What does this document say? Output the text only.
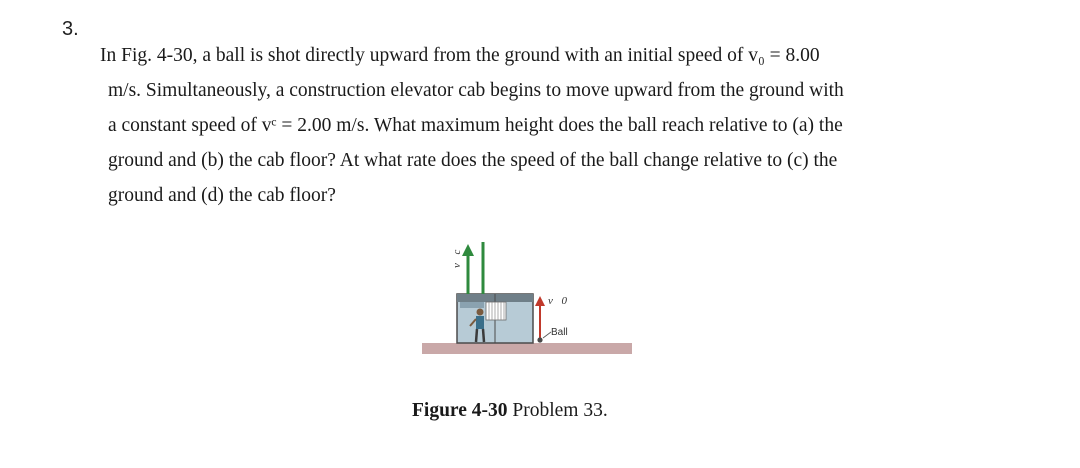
3.
In Fig. 4-30, a ball is shot directly upward from the ground with an initial speed of v₀ = 8.00
m/s. Simultaneously, a construction elevator cab begins to move upward from the ground with
a constant speed of vᶜ = 2.00 m/s. What maximum height does the ball reach relative to (a) the
ground and (b) the cab floor? At what rate does the speed of the ball change relative to (c) the
ground and (d) the cab floor?
v⃗c
v⃗0
Ball
Figure 4-30 Problem 33.
